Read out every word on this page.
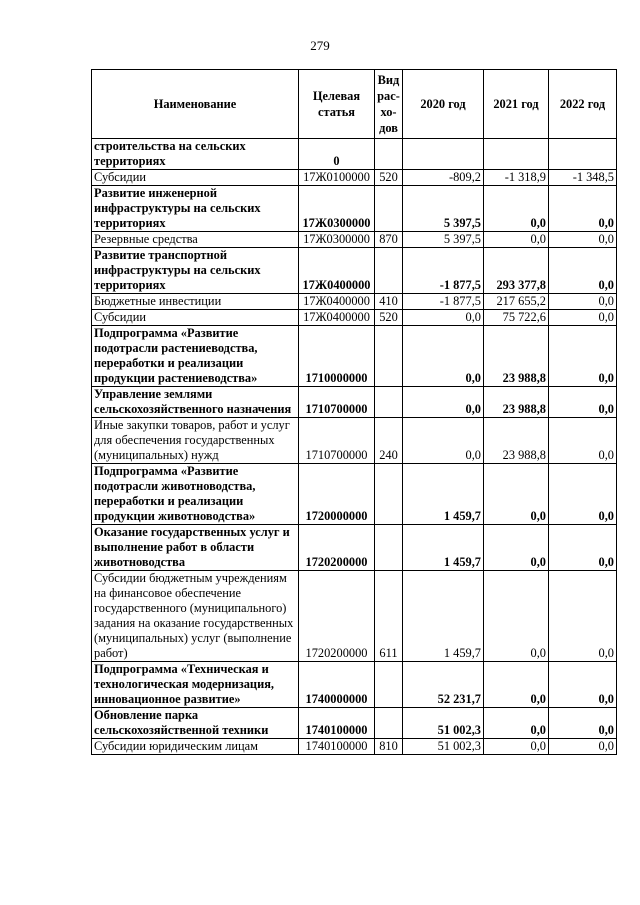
279
Наименование	Целевая статья	Вид рас-хо-дов	2020 год	2021 год	2022 год
строительства на сельских территориях	0				
Субсидии	17Ж0100000	520	-809,2	-1 318,9	-1 348,5
Развитие инженерной инфраструктуры на сельских территориях	17Ж0300000		5 397,5	0,0	0,0
Резервные средства	17Ж0300000	870	5 397,5	0,0	0,0
Развитие транспортной инфраструктуры на сельских территориях	17Ж0400000		-1 877,5	293 377,8	0,0
Бюджетные инвестиции	17Ж0400000	410	-1 877,5	217 655,2	0,0
Субсидии	17Ж0400000	520	0,0	75 722,6	0,0
Подпрограмма «Развитие подотрасли растениеводства, переработки и реализации продукции растениеводства»	1710000000		0,0	23 988,8	0,0
Управление землями сельскохозяйственного назначения	1710700000		0,0	23 988,8	0,0
Иные закупки товаров, работ и услуг для обеспечения государственных (муниципальных) нужд	1710700000	240	0,0	23 988,8	0,0
Подпрограмма «Развитие подотрасли животноводства, переработки и реализации продукции животноводства»	1720000000		1 459,7	0,0	0,0
Оказание государственных услуг и выполнение работ в области животноводства	1720200000		1 459,7	0,0	0,0
Субсидии бюджетным учреждениям на финансовое обеспечение государственного (муниципального) задания на оказание государственных (муниципальных) услуг (выполнение работ)	1720200000	611	1 459,7	0,0	0,0
Подпрограмма «Техническая и технологическая модернизация, инновационное развитие»	1740000000		52 231,7	0,0	0,0
Обновление парка сельскохозяйственной техники	1740100000		51 002,3	0,0	0,0
Субсидии юридическим лицам	1740100000	810	51 002,3	0,0	0,0
